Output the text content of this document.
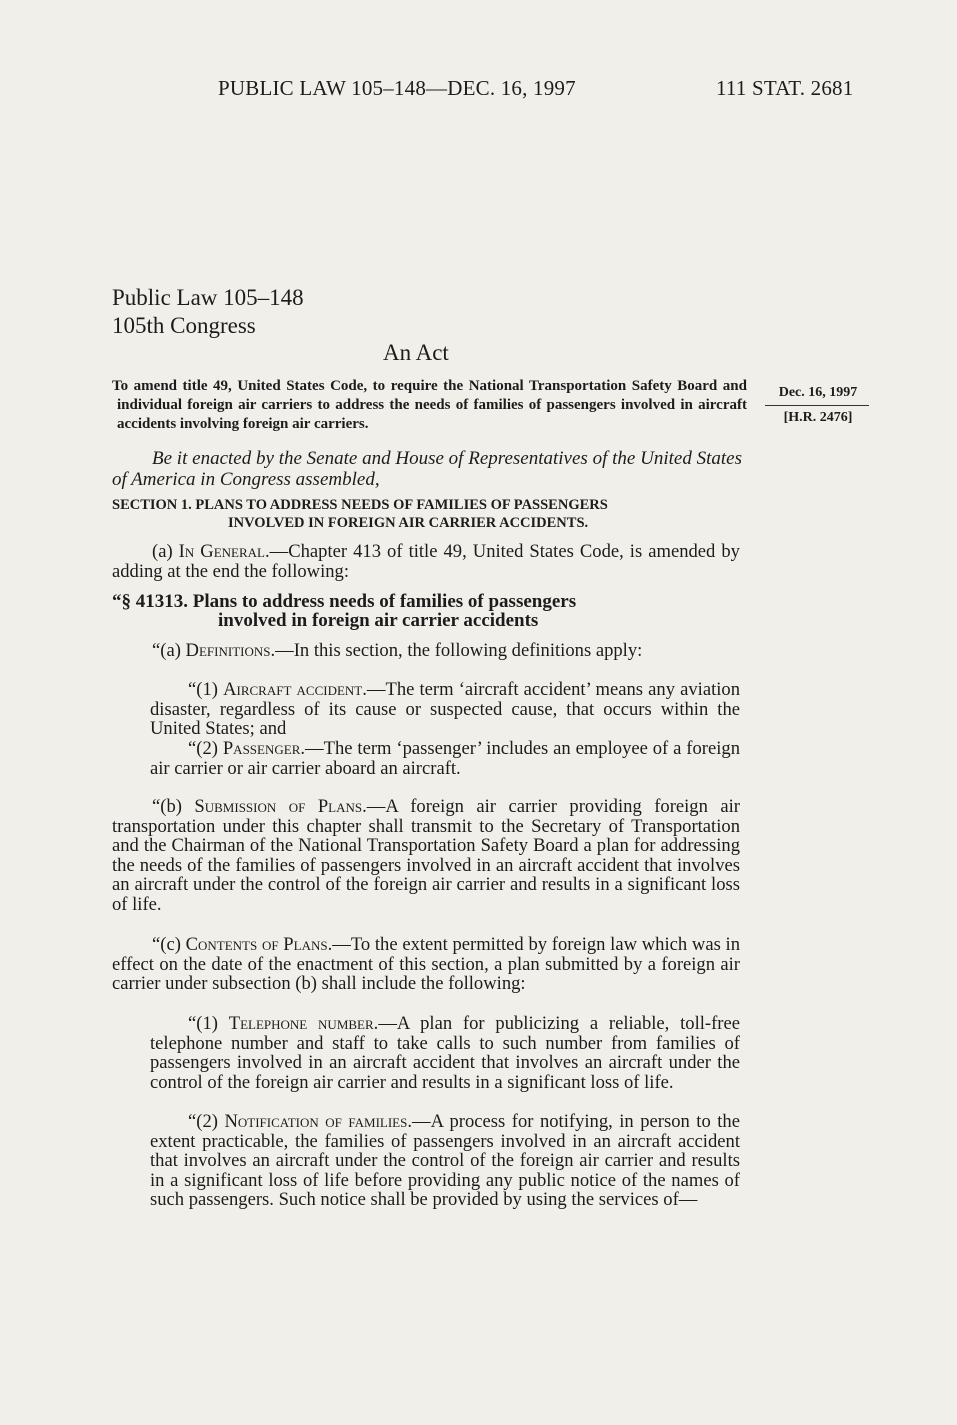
PUBLIC LAW 105–148—DEC. 16, 1997	111 STAT. 2681
Public Law 105–148
105th Congress
An Act
To amend title 49, United States Code, to require the National Transportation Safety Board and individual foreign air carriers to address the needs of families of passengers involved in aircraft accidents involving foreign air carriers.
Dec. 16, 1997
[H.R. 2476]
Be it enacted by the Senate and House of Representatives of the United States of America in Congress assembled,
SECTION 1. PLANS TO ADDRESS NEEDS OF FAMILIES OF PASSENGERS
INVOLVED IN FOREIGN AIR CARRIER ACCIDENTS.
(a) In General.—Chapter 413 of title 49, United States Code, is amended by adding at the end the following:
“§ 41313. Plans to address needs of families of passengers
involved in foreign air carrier accidents
“(a) Definitions.—In this section, the following definitions apply:
“(1) Aircraft accident.—The term ‘aircraft accident’ means any aviation disaster, regardless of its cause or suspected cause, that occurs within the United States; and
“(2) Passenger.—The term ‘passenger’ includes an employee of a foreign air carrier or air carrier aboard an aircraft.
“(b) Submission of Plans.—A foreign air carrier providing foreign air transportation under this chapter shall transmit to the Secretary of Transportation and the Chairman of the National Transportation Safety Board a plan for addressing the needs of the families of passengers involved in an aircraft accident that involves an aircraft under the control of the foreign air carrier and results in a significant loss of life.
“(c) Contents of Plans.—To the extent permitted by foreign law which was in effect on the date of the enactment of this section, a plan submitted by a foreign air carrier under subsection (b) shall include the following:
“(1) Telephone number.—A plan for publicizing a reliable, toll-free telephone number and staff to take calls to such number from families of passengers involved in an aircraft accident that involves an aircraft under the control of the foreign air carrier and results in a significant loss of life.
“(2) Notification of families.—A process for notifying, in person to the extent practicable, the families of passengers involved in an aircraft accident that involves an aircraft under the control of the foreign air carrier and results in a significant loss of life before providing any public notice of the names of such passengers. Such notice shall be provided by using the services of—
